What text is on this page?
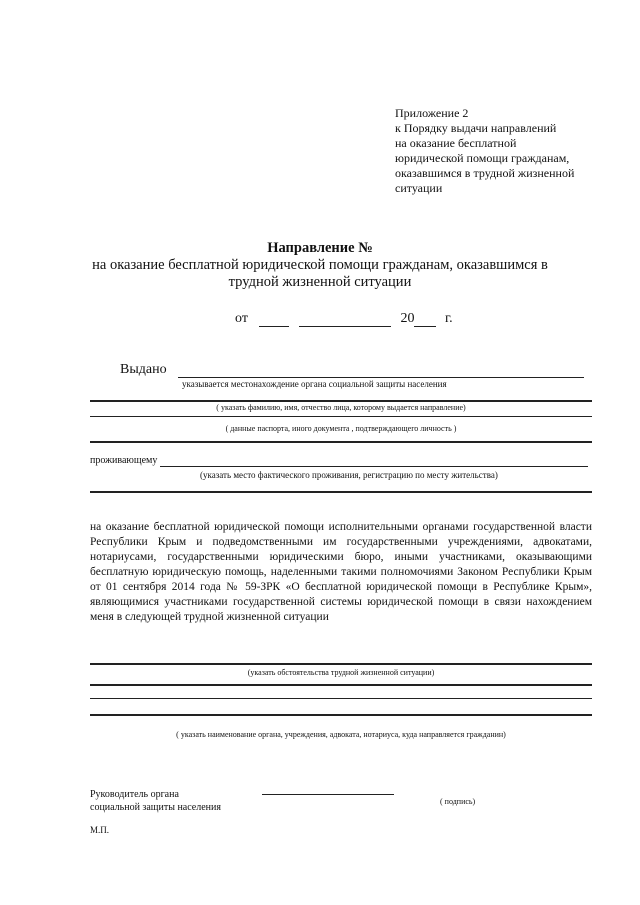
Приложение 2
к Порядку выдачи направлений
на оказание бесплатной
юридической помощи гражданам,
оказавшимся в трудной жизненной
ситуации
Направление №
на оказание бесплатной юридической помощи гражданам, оказавшимся в
трудной жизненной ситуации
от	20 г.
Выдано
указывается местонахождение органа социальной защиты населения
( указать фамилию, имя, отчество лица, которому выдается направление)
( данные паспорта, иного документа , подтверждающего личность )
проживающему
(указать место фактического проживания, регистрацию по месту жительства)
на оказание бесплатной юридической помощи исполнительными органами государственной власти Республики Крым и подведомственными им государственными учреждениями, адвокатами, нотариусами, государственными юридическими бюро, иными участниками, оказывающими бесплатную юридическую помощь, наделенными такими полномочиями Законом Республики Крым от 01 сентября 2014 года № 59-ЗРК «О бесплатной юридической помощи в Республике Крым», являющимися участниками государственной системы юридической помощи в связи нахождением меня в следующей трудной жизненной ситуации
(указать обстоятельства трудной жизненной ситуации)
( указать наименование органа, учреждения, адвоката, нотариуса, куда направляется гражданин)
Руководитель органа
социальной защиты населения
( подпись)
М.П.
